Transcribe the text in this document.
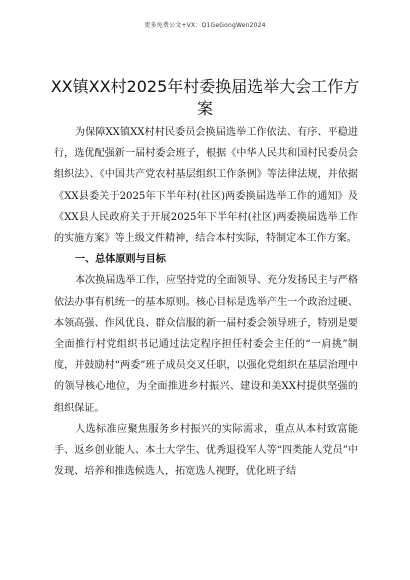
更多免费公文+VX：Q1GeGongWen2024
XX镇XX村2025年村委换届选举大会工作方案

为保障XX镇XX村村民委员会换届选举工作依法、有序、平稳进行，选优配强新一届村委会班子，根据《中华人民共和国村民委员会组织法》、《中国共产党农村基层组织工作条例》等法律法规，并依据《XX县委关于2025年下半年村(社区)两委换届选举工作的通知》及《XX县人民政府关于开展2025年下半年村(社区)两委换届选举工作的实施方案》等上级文件精神，结合本村实际，特制定本工作方案。

一、总体原则与目标

本次换届选举工作，应坚持党的全面领导、充分发扬民主与严格依法办事有机统一的基本原则。核心目标是选举产生一个政治过硬、本领高强、作风优良、群众信服的新一届村委会领导班子，特别是要全面推行村党组织书记通过法定程序担任村委会主任的“一肩挑”制度，并鼓励村“两委”班子成员交叉任职，以强化党组织在基层治理中的领导核心地位，为全面推进乡村振兴、建设和美XX村提供坚强的组织保证。

人选标准应聚焦服务乡村振兴的实际需求，重点从本村致富能手、返乡创业能人、本土大学生、优秀退役军人等“四类能人党员”中发现、培养和推选候选人，拓宽选人视野，优化班子结
